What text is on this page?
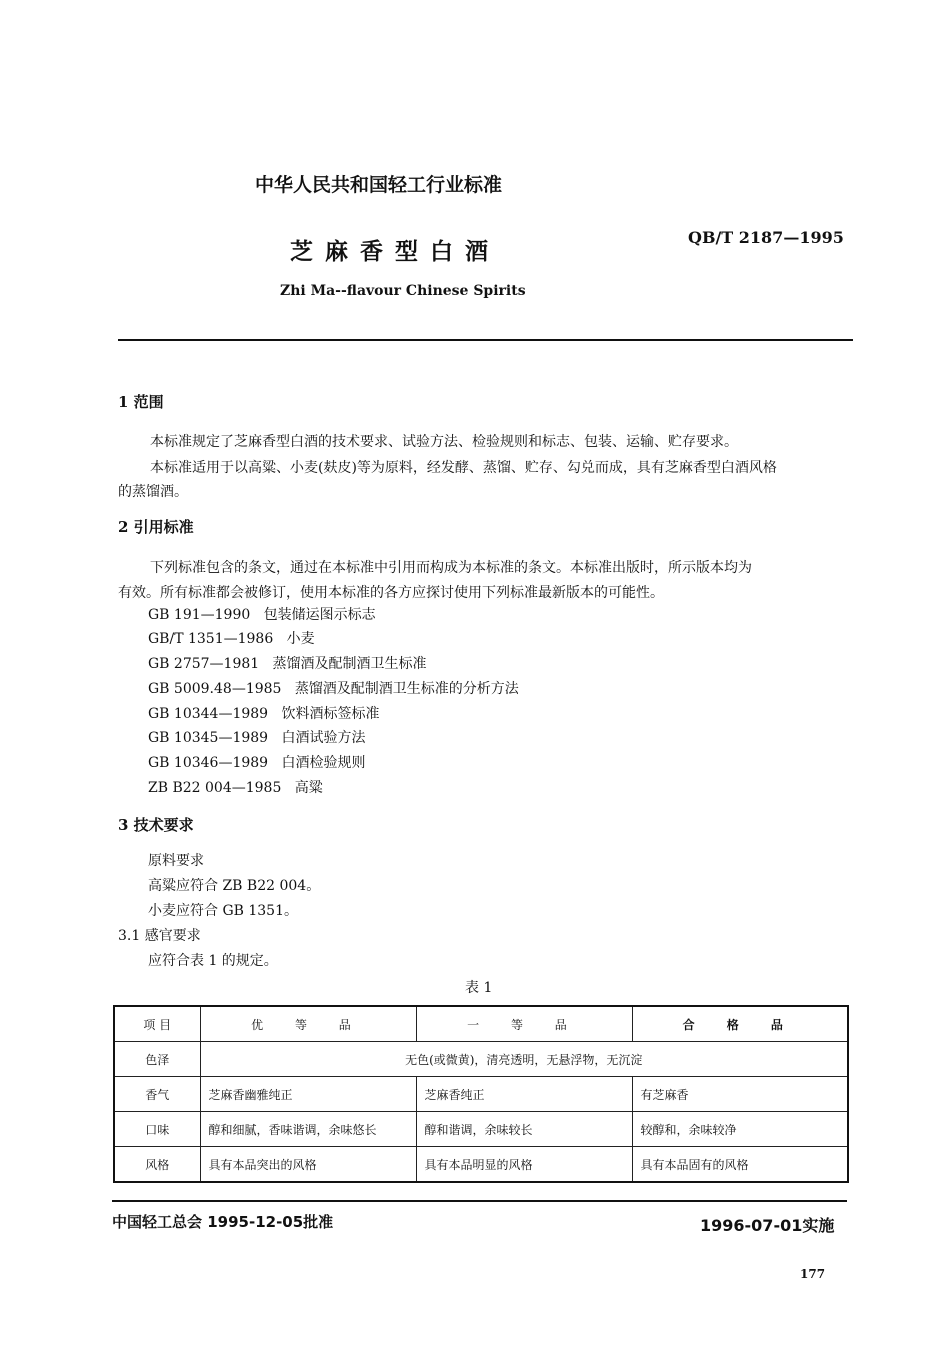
中华人民共和国轻工行业标准
芝 麻 香 型 白 酒
QB/T 2187—1995
Zhi Ma--flavour Chinese Spirits
1 范围
本标准规定了芝麻香型白酒的技术要求、试验方法、检验规则和标志、包装、运输、贮存要求。
本标准适用于以高粱、小麦(麸皮)等为原料，经发酵、蒸馏、贮存、勾兑而成，具有芝麻香型白酒风格
的蒸馏酒。
2 引用标准
下列标准包含的条文，通过在本标准中引用而构成为本标准的条文。本标准出版时，所示版本均为
有效。所有标准都会被修订，使用本标准的各方应探讨使用下列标准最新版本的可能性。
GB 191—1990 包装储运图示标志
GB/T 1351—1986 小麦
GB 2757—1981 蒸馏酒及配制酒卫生标准
GB 5009.48—1985 蒸馏酒及配制酒卫生标准的分析方法
GB 10344—1989 饮料酒标签标准
GB 10345—1989 白酒试验方法
GB 10346—1989 白酒检验规则
ZB B22 004—1985 高粱
3 技术要求
原料要求
高粱应符合 ZB B22 004。
小麦应符合 GB 1351。
3.1 感官要求
应符合表 1 的规定。
表 1
项 目	优 等 品	一 等 品	合 格 品
色泽	无色(或微黄)，清亮透明，无悬浮物，无沉淀		
香气	芝麻香幽雅纯正	芝麻香纯正	有芝麻香
口味	醇和细腻，香味谐调，余味悠长	醇和谐调，余味较长	较醇和，余味较净
风格	具有本品突出的风格	具有本品明显的风格	具有本品固有的风格
中国轻工总会 1995-12-05批准	1996-07-01实施
177
